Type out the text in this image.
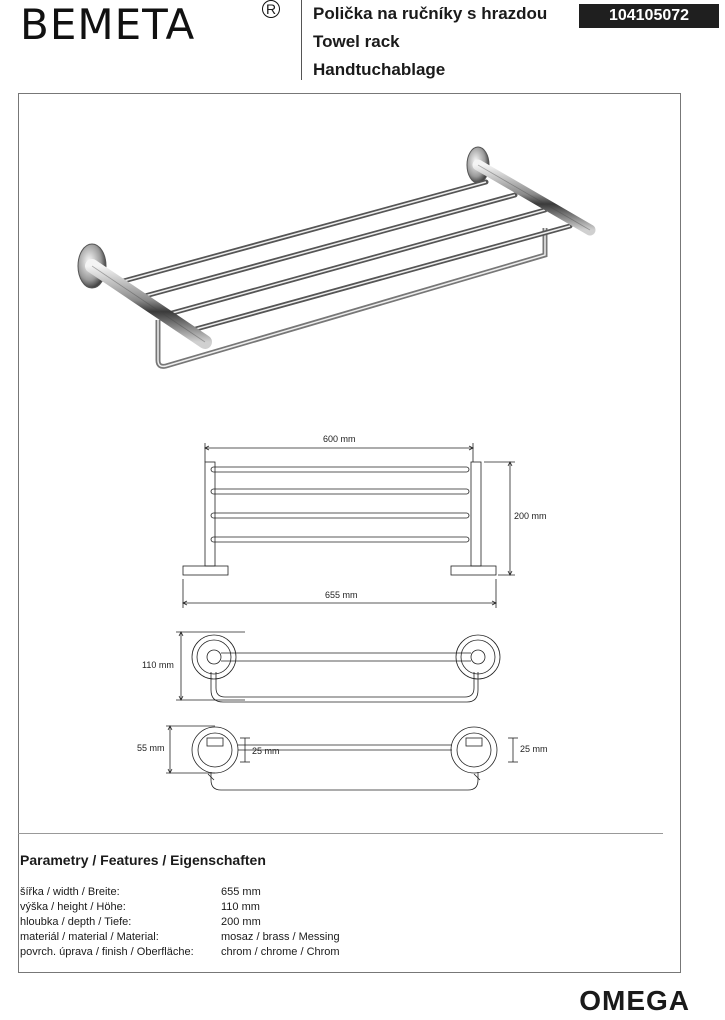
BEMETA	R Polička na ručníky s hrazdou
Towel rack
Handtuchablage
104105072
600 mm
200 mm
655 mm
110 mm
55 mm	25 mm	25 mm
Parametry / Features / Eigenschaften
šířka / width / Breite:	655 mm
výška / height / Höhe:	110 mm
hloubka / depth / Tiefe:	200 mm
materiál / material / Material:	mosaz / brass / Messing
povrch. úprava / finish / Oberfläche: chrom / chrome / Chrom
OMEGA
